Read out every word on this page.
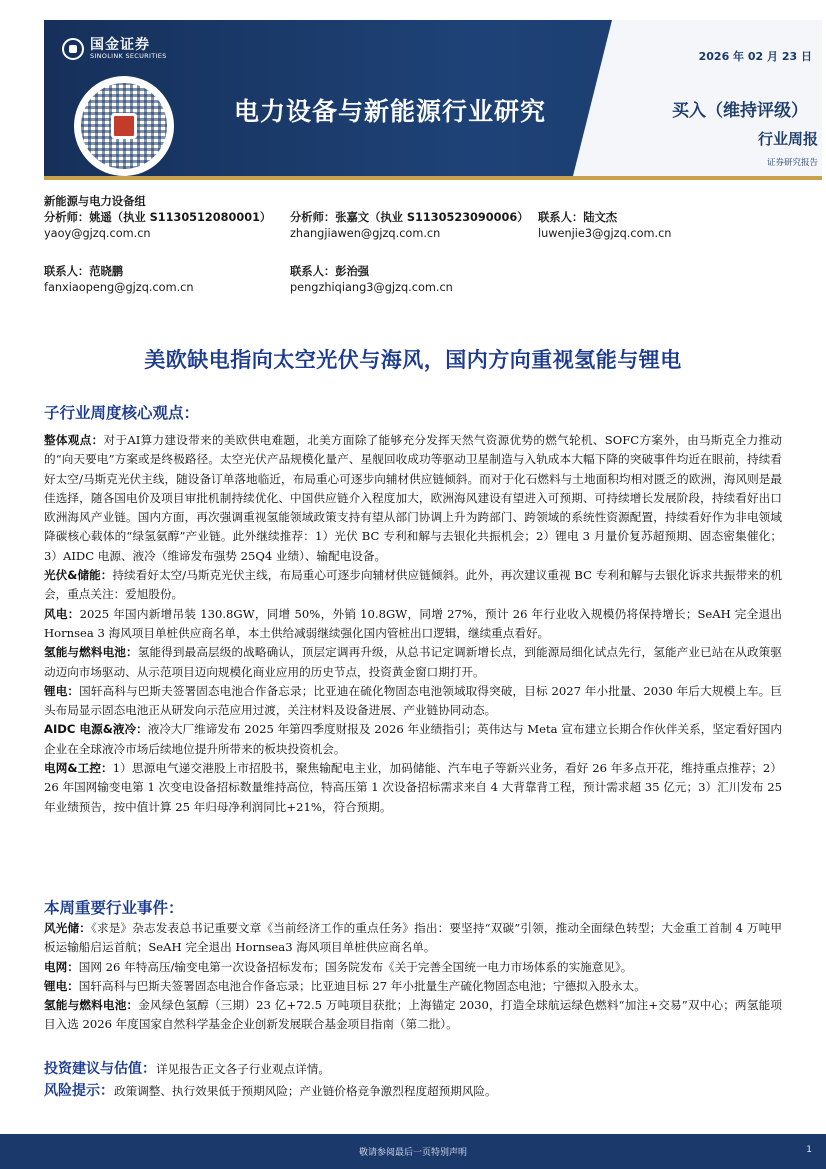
国金证券
SINOLINK SECURITIES
电力设备与新能源行业研究
2026 年 02 月 23 日
买入（维持评级）
行业周报
证券研究报告
新能源与电力设备组
分析师：姚遥（执业 S1130512080001） 分析师：张嘉文（执业 S1130523090006） 联系人：陆文杰
yaoy@gjzq.com.cn	zhangjiawen@gjzq.com.cn	luwenjie3@gjzq.com.cn
联系人：范晓鹏	联系人：彭治强
fanxiaopeng@gjzq.com.cn	pengzhiqiang3@gjzq.com.cn
美欧缺电指向太空光伏与海风，国内方向重视氢能与锂电
子行业周度核心观点：

整体观点：对于AI算力建设带来的美欧供电难题，北美方面除了能够充分发挥天然气资源优势的燃气轮机、SOFC方案外，由马斯克全力推动的“向天要电”方案或是终极路径。太空光伏产品规模化量产、星舰回收成功等驱动卫星制造与入轨成本大幅下降的突破事件均近在眼前，持续看好太空/马斯克光伏主线，随设备订单落地临近，布局重心可逐步向辅材供应链倾斜。而对于化石燃料与土地面积均相对匮乏的欧洲，海风则是最佳选择，随各国电价及项目审批机制持续优化、中国供应链介入程度加大，欧洲海风建设有望进入可预期、可持续增长发展阶段，持续看好出口欧洲海风产业链。国内方面，再次强调重视氢能领域政策支持有望从部门协调上升为跨部门、跨领域的系统性资源配置，持续看好作为非电领域降碳核心载体的“绿氢氨醇”产业链。此外继续推荐：1）光伏 BC 专利和解与去银化共振机会；2）锂电 3 月量价复苏超预期、固态密集催化；3）AIDC 电源、液冷（维谛发布强势 25Q4 业绩）、输配电设备。

光伏&储能：持续看好太空/马斯克光伏主线，布局重心可逐步向辅材供应链倾斜。此外，再次建议重视 BC 专利和解与去银化诉求共振带来的机会，重点关注：爱旭股份。

风电：2025 年国内新增吊装 130.8GW，同增 50%，外销 10.8GW，同增 27%，预计 26 年行业收入规模仍将保持增长；SeAH 完全退出 Hornsea 3 海风项目单桩供应商名单，本土供给减弱继续强化国内管桩出口逻辑，继续重点看好。

氢能与燃料电池：氢能得到最高层级的战略确认，顶层定调再升级，从总书记定调新增长点，到能源局细化试点先行，氢能产业已站在从政策驱动迈向市场驱动、从示范项目迈向规模化商业应用的历史节点，投资黄金窗口期打开。

锂电：国轩高科与巴斯夫签署固态电池合作备忘录；比亚迪在硫化物固态电池领域取得突破，目标 2027 年小批量、2030 年后大规模上车。巨头布局显示固态电池正从研发向示范应用过渡，关注材料及设备进展、产业链协同动态。

AIDC 电源&液冷：液冷大厂维谛发布 2025 年第四季度财报及 2026 年业绩指引；英伟达与 Meta 宣布建立长期合作伙伴关系，坚定看好国内企业在全球液冷市场后续地位提升所带来的板块投资机会。

电网&工控：1）思源电气递交港股上市招股书，聚焦输配电主业，加码储能、汽车电子等新兴业务，看好 26 年多点开花，维持重点推荐；2）26 年国网输变电第 1 次变电设备招标数量维持高位，特高压第 1 次设备招标需求来自 4 大背靠背工程，预计需求超 35 亿元；3）汇川发布 25 年业绩预告，按中值计算 25 年归母净利润同比+21%，符合预期。

本周重要行业事件：

风光储：《求是》杂志发表总书记重要文章《当前经济工作的重点任务》指出：要坚持“双碳”引领，推动全面绿色转型；大金重工首制 4 万吨甲板运输船启运首航；SeAH 完全退出 Hornsea3 海风项目单桩供应商名单。

电网：国网 26 年特高压/输变电第一次设备招标发布；国务院发布《关于完善全国统一电力市场体系的实施意见》。

锂电：国轩高科与巴斯夫签署固态电池合作备忘录；比亚迪目标 27 年小批量生产硫化物固态电池；宁德拟入股永太。

氢能与燃料电池：金风绿色氢醇（三期）23 亿+72.5 万吨项目获批；上海锚定 2030，打造全球航运绿色燃料“加注+交易”双中心；两氢能项目入选 2026 年度国家自然科学基金企业创新发展联合基金项目指南（第二批）。

投资建议与估值：详见报告正文各子行业观点详情。
风险提示：政策调整、执行效果低于预期风险；产业链价格竞争激烈程度超预期风险。
敬请参阅最后一页特别声明	1
